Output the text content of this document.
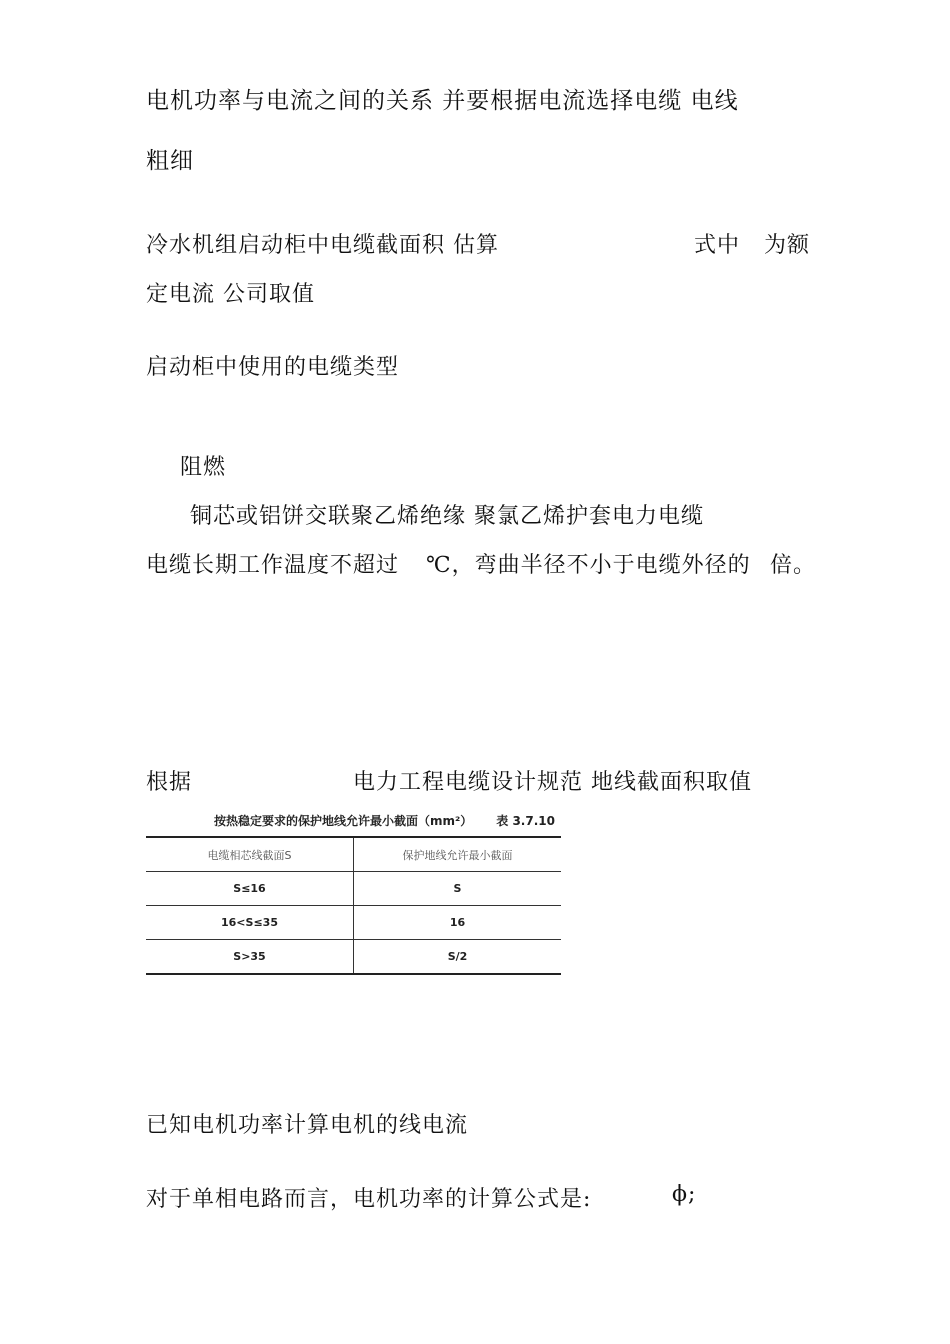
电机功率与电流之间的关系 并要根据电流选择电缆 电线
粗细
冷水机组启动柜中电缆截面积 估算	式中 为额
定电流 公司取值
启动柜中使用的电缆类型
阻燃
铜芯或铝饼交联聚乙烯绝缘 聚氯乙烯护套电力电缆
电缆长期工作温度不超过 ℃，弯曲半径不小于电缆外径的 倍。
根据	电力工程电缆设计规范 地线截面积取值
按热稳定要求的保护地线允许最小截面（mm²） 表 3.7.10
电缆相芯线截面S	保护地线允许最小截面
S≤16	S
16<S≤35	16
S>35	S/2
已知电机功率计算电机的线电流
对于单相电路而言，电机功率的计算公式是:	ϕ;
